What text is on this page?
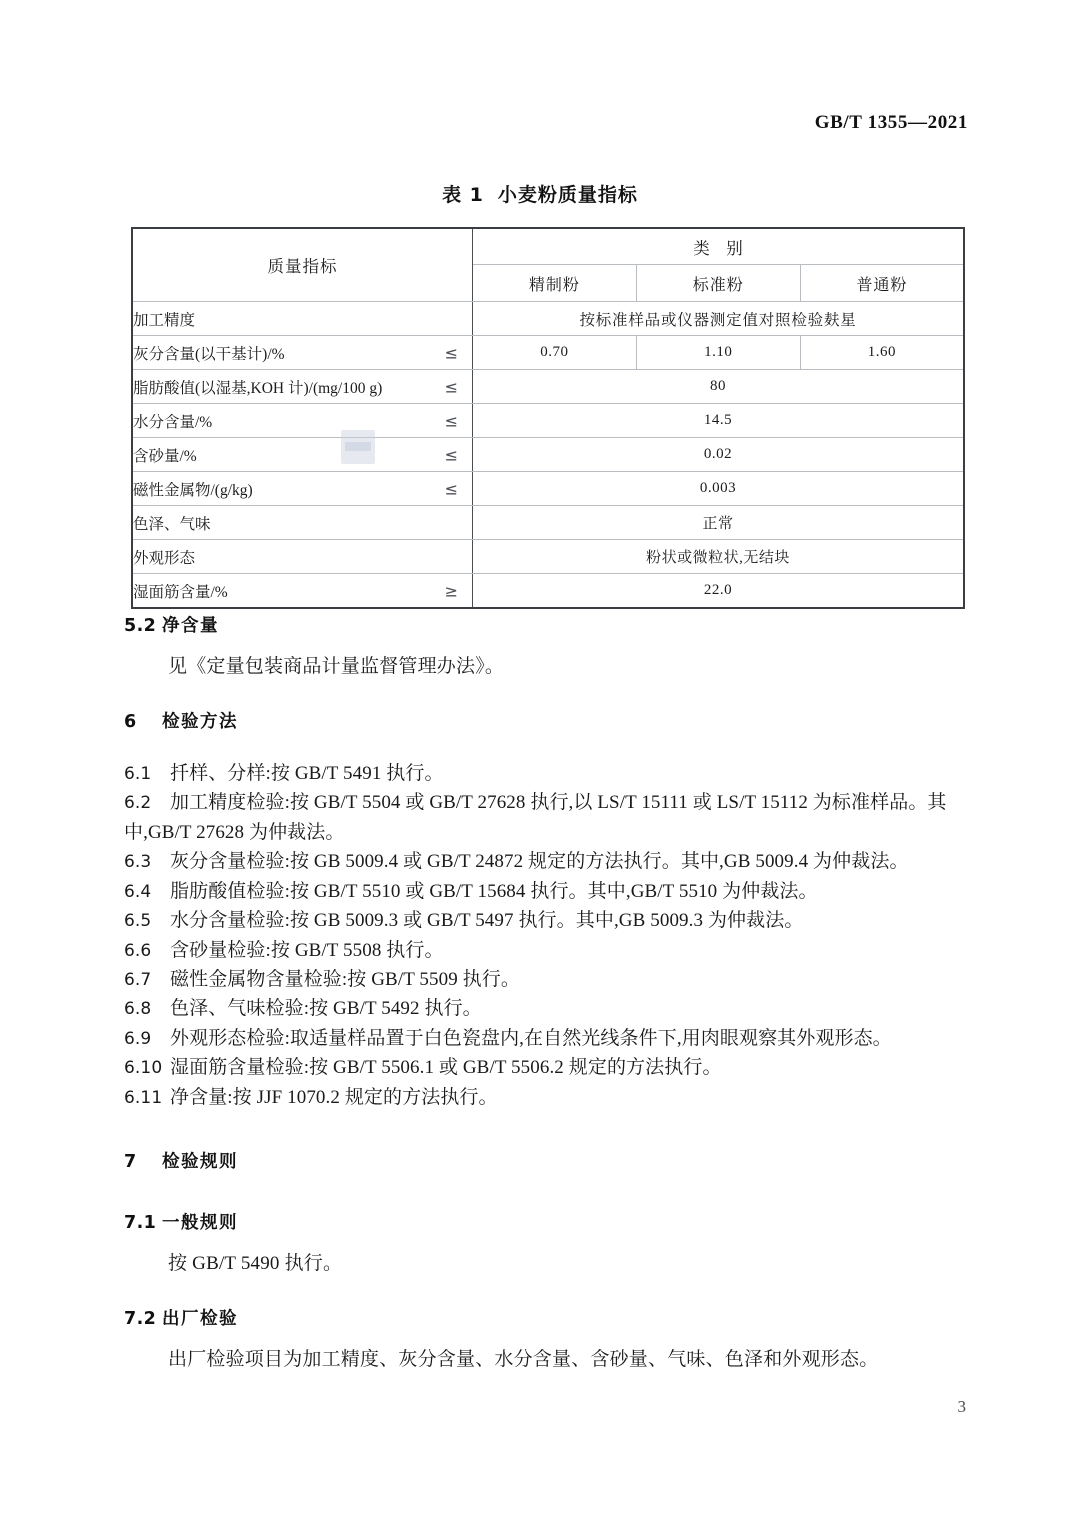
GB/T 1355—2021
表 1 小麦粉质量指标
质量指标	类　别		
	精制粉	标准粉	普通粉
加工精度	按标准样品或仪器测定值对照检验麸星		
灰分含量(以干基计)/% ≤	0.70	1.10	1.60
脂肪酸值(以湿基,KOH 计)/(mg/100 g) ≤	80		
水分含量/% ≤	14.5		
含砂量/% ≤	0.02		
磁性金属物/(g/kg) ≤	0.003		
色泽、气味	正常		
外观形态	粉状或微粒状,无结块		
湿面筋含量/% ≥	22.0		
5.2 净含量
见《定量包装商品计量监督管理办法》。
6 检验方法
6.1 扦样、分样:按 GB/T 5491 执行。
6.2 加工精度检验:按 GB/T 5504 或 GB/T 27628 执行,以 LS/T 15111 或 LS/T 15112 为标准样品。其中,GB/T 27628 为仲裁法。
6.3 灰分含量检验:按 GB 5009.4 或 GB/T 24872 规定的方法执行。其中,GB 5009.4 为仲裁法。
6.4 脂肪酸值检验:按 GB/T 5510 或 GB/T 15684 执行。其中,GB/T 5510 为仲裁法。
6.5 水分含量检验:按 GB 5009.3 或 GB/T 5497 执行。其中,GB 5009.3 为仲裁法。
6.6 含砂量检验:按 GB/T 5508 执行。
6.7 磁性金属物含量检验:按 GB/T 5509 执行。
6.8 色泽、气味检验:按 GB/T 5492 执行。
6.9 外观形态检验:取适量样品置于白色瓷盘内,在自然光线条件下,用肉眼观察其外观形态。
6.10 湿面筋含量检验:按 GB/T 5506.1 或 GB/T 5506.2 规定的方法执行。
6.11 净含量:按 JJF 1070.2 规定的方法执行。
7 检验规则
7.1 一般规则
按 GB/T 5490 执行。
7.2 出厂检验
出厂检验项目为加工精度、灰分含量、水分含量、含砂量、气味、色泽和外观形态。
3
